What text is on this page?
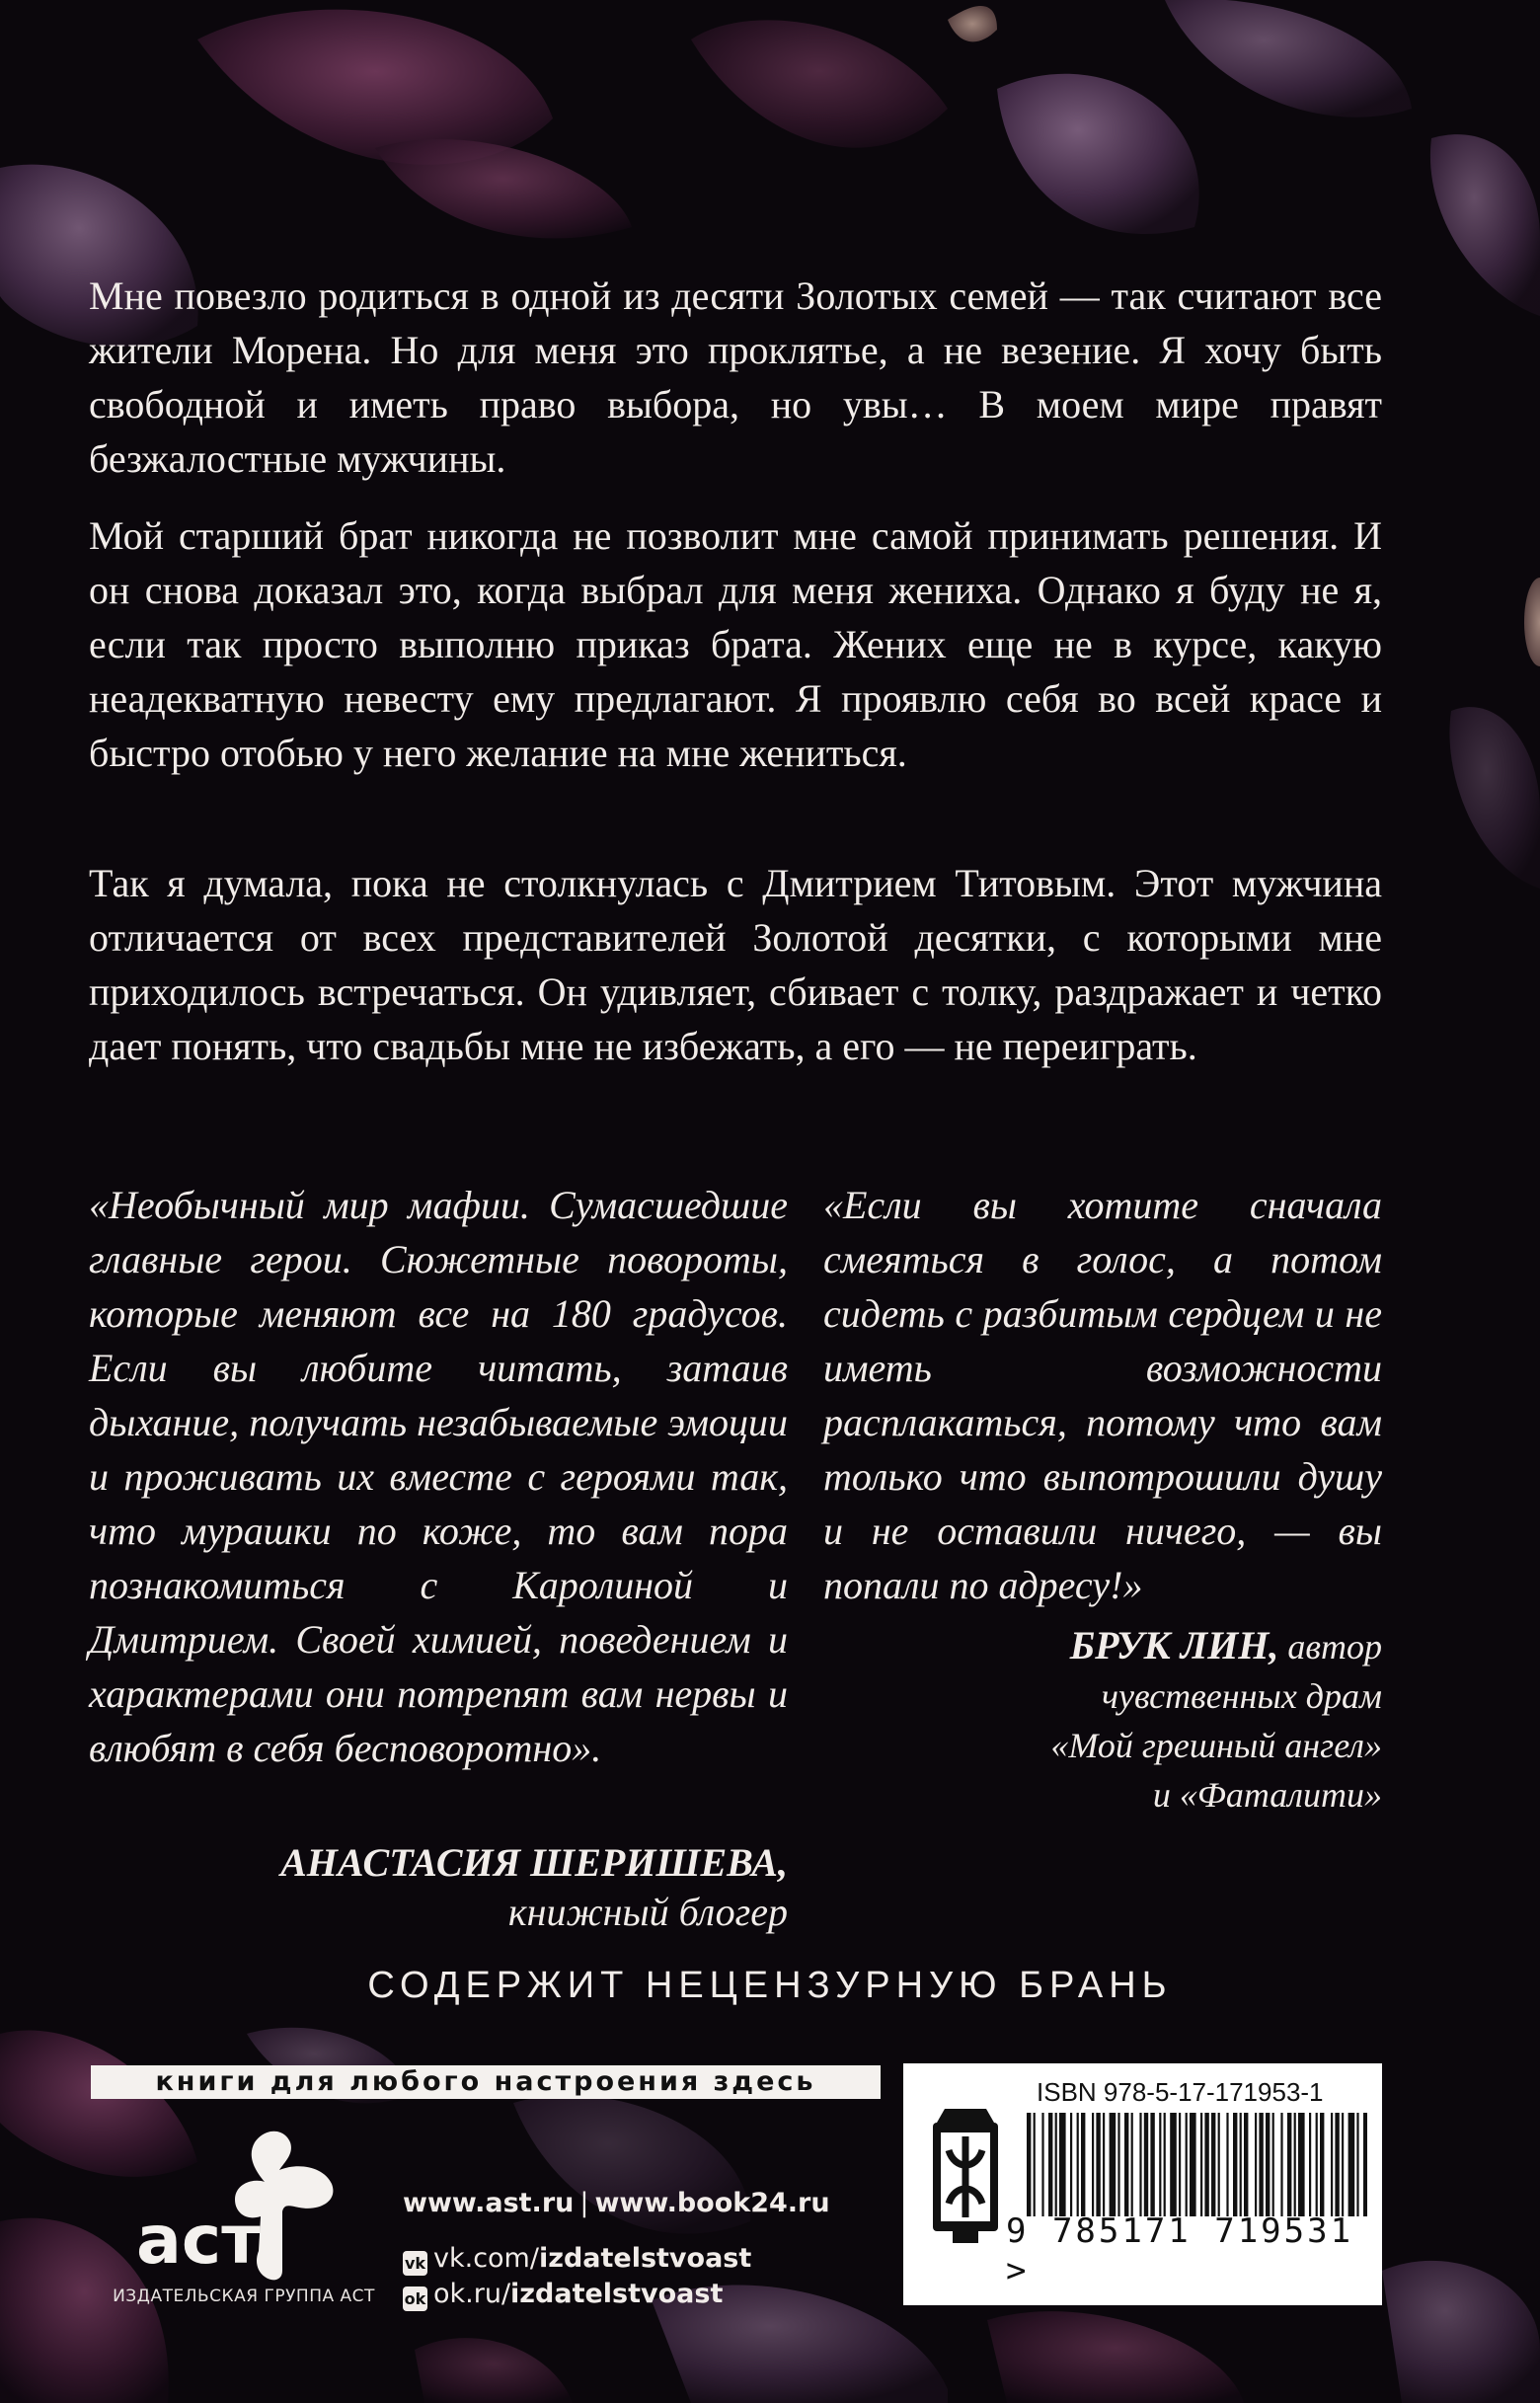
Мне повезло родиться в одной из десяти Золотых семей — так считают все жители Морена. Но для меня это проклятье, а не везение. Я хочу быть свободной и иметь право выбора, но увы… В моем мире правят безжалостные мужчины.

Мой старший брат никогда не позволит мне самой принимать решения. И он снова доказал это, когда выбрал для меня жениха. Однако я буду не я, если так просто выполню приказ брата. Жених еще не в курсе, какую неадекватную невесту ему предлагают. Я проявлю себя во всей красе и быстро отобью у него желание на мне жениться.

Так я думала, пока не столкнулась с Дмитрием Титовым. Этот мужчина отличается от всех представителей Золотой десятки, с которыми мне приходилось встречаться. Он удивляет, сбивает с толку, раздражает и четко дает понять, что свадьбы мне не избежать, а его — не переиграть.

«Необычный мир мафии. Сумасшедшие главные герои. Сюжетные повороты, которые меняют все на 180 градусов. Если вы любите читать, затаив дыхание, получать незабываемые эмоции и проживать их вместе с героями так, что мурашки по коже, то вам пора познакомиться с Каролиной и Дмитрием. Своей химией, поведением и характерами они потрепят вам нервы и влюбят в себя бесповоротно».
АНАСТАСИЯ ШЕРИШЕВА,
книжный блогер
«Если вы хотите сначала смеяться в голос, а потом сидеть с разбитым сердцем и не иметь возможности расплакаться, потому что вам только что выпотрошили душу и не оставили ничего, — вы попали по адресу!»
БРУК ЛИН, автор
чувственных драм
«Мой грешный ангел»
и «Фаталити»
СОДЕРЖИТ НЕЦЕНЗУРНУЮ БРАНЬ
книги для любого настроения здесь
аст
ИЗДАТЕЛЬСКАЯ ГРУППА АСТ
www.ast.ru | www.book24.ru
vk vk.com/izdatelstvoast
ok ok.ru/izdatelstvoast
ISBN 978-5-17-171953-1
9 785171 719531 >
